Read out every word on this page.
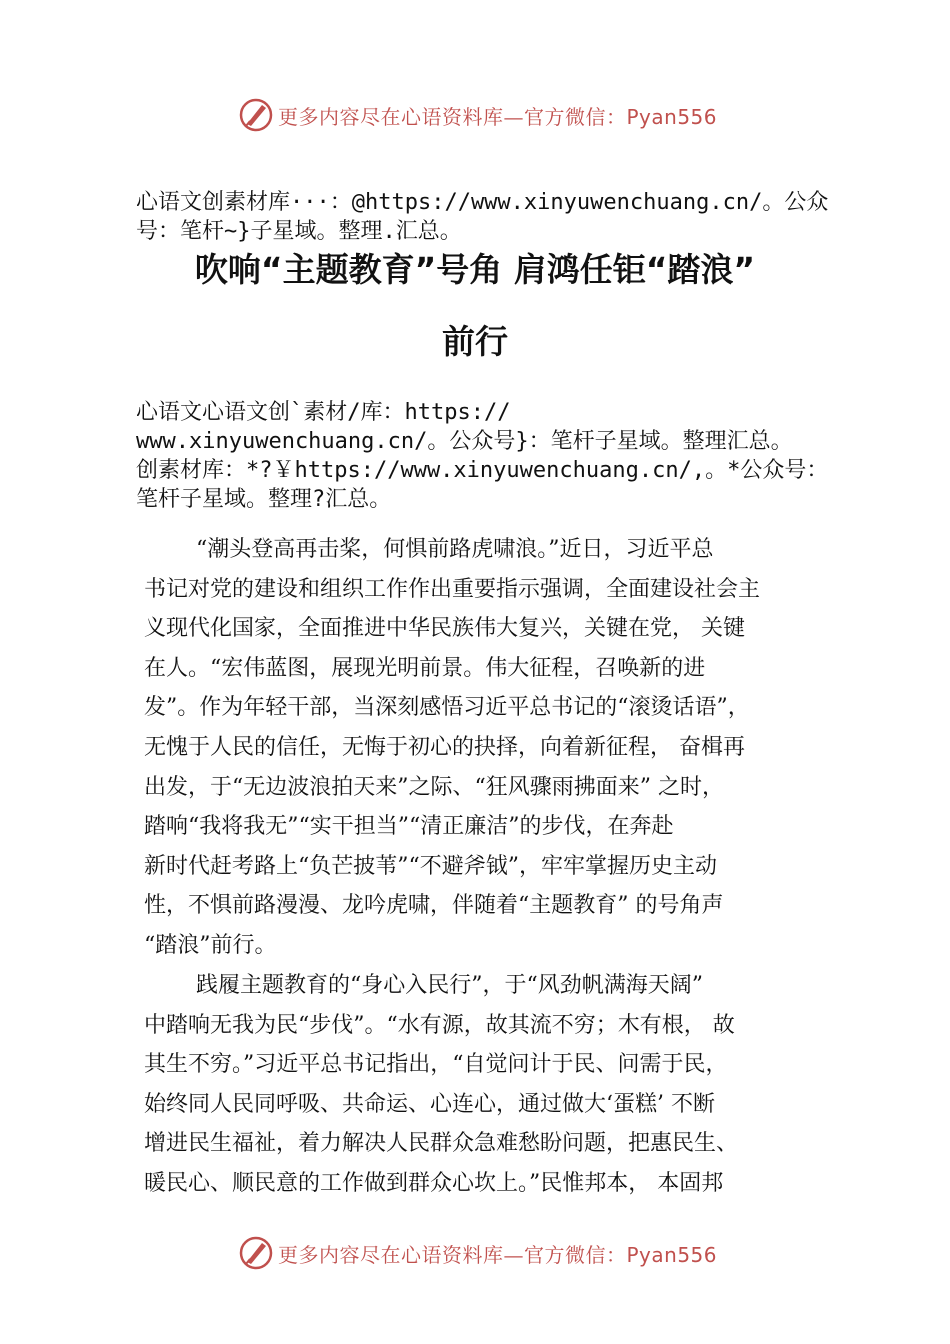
更多内容尽在心语资料库—官方微信：Pyan556
心语文创素材库···：@https://www.xinyuwenchuang.cn/。公众
号：笔杆~}子星域。整理.汇总。
吹响“主题教育”号角 肩鸿任钜“踏浪”
前行
心语文心语文创`素材/库：https://
www.xinyuwenchuang.cn/。公众号}：笔杆子星域。整理汇总。
创素材库：*?￥https://www.xinyuwenchuang.cn/,。*公众号：
笔杆子星域。整理?汇总。
“潮头登高再击桨，何惧前路虎啸浪。”近日，习近平总
书记对党的建设和组织工作作出重要指示强调，全面建设社会主
义现代化国家，全面推进中华民族伟大复兴，关键在党， 关键
在人。“宏伟蓝图，展现光明前景。伟大征程，召唤新的进
发”。作为年轻干部，当深刻感悟习近平总书记的“滚烫话语”，
无愧于人民的信任，无悔于初心的抉择，向着新征程， 奋楫再
出发，于“无边波浪拍天来”之际、“狂风骤雨拂面来” 之时，
踏响“我将我无”“实干担当”“清正廉洁”的步伐，在奔赴
新时代赶考路上“负芒披苇”“不避斧钺”，牢牢掌握历史主动
性，不惧前路漫漫、龙吟虎啸，伴随着“主题教育” 的号角声
“踏浪”前行。
践履主题教育的“身心入民行”，于“风劲帆满海天阔”
中踏响无我为民“步伐”。“水有源，故其流不穷；木有根， 故
其生不穷。”习近平总书记指出，“自觉问计于民、问需于民，
始终同人民同呼吸、共命运、心连心，通过做大‘蛋糕’ 不断
增进民生福祉，着力解决人民群众急难愁盼问题，把惠民生、
暖民心、顺民意的工作做到群众心坎上。”民惟邦本， 本固邦
更多内容尽在心语资料库—官方微信：Pyan556
